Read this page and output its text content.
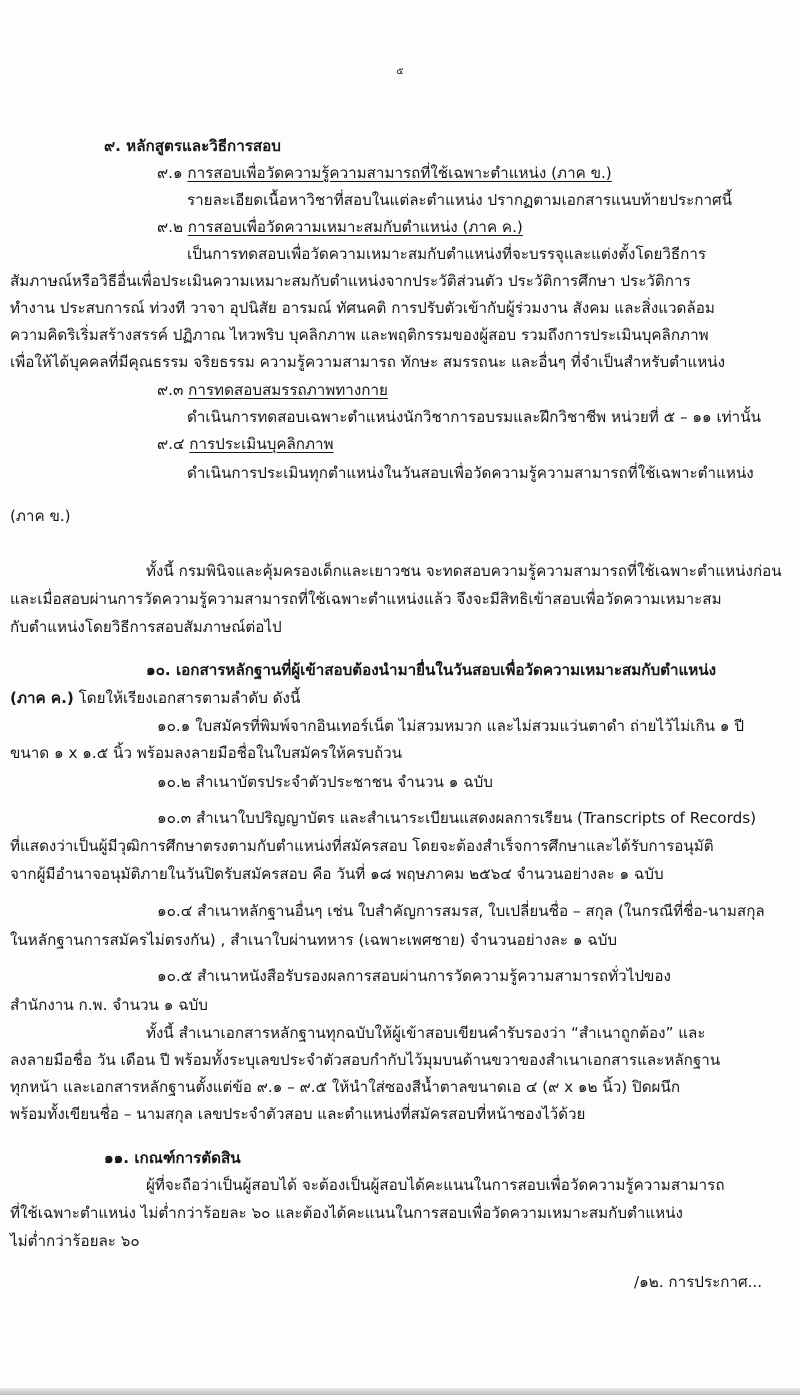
๕
๙. หลักสูตรและวิธีการสอบ
๙.๑ การสอบเพื่อวัดความรู้ความสามารถที่ใช้เฉพาะตำแหน่ง (ภาค ข.)
รายละเอียดเนื้อหาวิชาที่สอบในแต่ละตำแหน่ง ปรากฏตามเอกสารแนบท้ายประกาศนี้
๙.๒ การสอบเพื่อวัดความเหมาะสมกับตำแหน่ง (ภาค ค.)
เป็นการทดสอบเพื่อวัดความเหมาะสมกับตำแหน่งที่จะบรรจุและแต่งตั้งโดยวิธีการ
สัมภาษณ์หรือวิธีอื่นเพื่อประเมินความเหมาะสมกับตำแหน่งจากประวัติส่วนตัว ประวัติการศึกษา ประวัติการ
ทำงาน ประสบการณ์ ท่วงที วาจา อุปนิสัย อารมณ์ ทัศนคติ การปรับตัวเข้ากับผู้ร่วมงาน สังคม และสิ่งแวดล้อม
ความคิดริเริ่มสร้างสรรค์ ปฏิภาณ ไหวพริบ บุคลิกภาพ และพฤติกรรมของผู้สอบ รวมถึงการประเมินบุคลิกภาพ
เพื่อให้ได้บุคคลที่มีคุณธรรม จริยธรรม ความรู้ความสามารถ ทักษะ สมรรถนะ และอื่นๆ ที่จำเป็นสำหรับตำแหน่ง
๙.๓ การทดสอบสมรรถภาพทางกาย
ดำเนินการทดสอบเฉพาะตำแหน่งนักวิชาการอบรมและฝึกวิชาชีพ หน่วยที่ ๕ – ๑๑ เท่านั้น
๙.๔ การประเมินบุคลิกภาพ
ดำเนินการประเมินทุกตำแหน่งในวันสอบเพื่อวัดความรู้ความสามารถที่ใช้เฉพาะตำแหน่ง
(ภาค ข.)
ทั้งนี้ กรมพินิจและคุ้มครองเด็กและเยาวชน จะทดสอบความรู้ความสามารถที่ใช้เฉพาะตำแหน่งก่อน
และเมื่อสอบผ่านการวัดความรู้ความสามารถที่ใช้เฉพาะตำแหน่งแล้ว จึงจะมีสิทธิเข้าสอบเพื่อวัดความเหมาะสม
กับตำแหน่งโดยวิธีการสอบสัมภาษณ์ต่อไป
๑๐. เอกสารหลักฐานที่ผู้เข้าสอบต้องนำมายื่นในวันสอบเพื่อวัดความเหมาะสมกับตำแหน่ง
(ภาค ค.) โดยให้เรียงเอกสารตามลำดับ ดังนี้
๑๐.๑ ใบสมัครที่พิมพ์จากอินเทอร์เน็ต ไม่สวมหมวก และไม่สวมแว่นตาดำ ถ่ายไว้ไม่เกิน ๑ ปี
ขนาด ๑ x ๑.๕ นิ้ว พร้อมลงลายมือชื่อในใบสมัครให้ครบถ้วน
๑๐.๒ สำเนาบัตรประจำตัวประชาชน จำนวน ๑ ฉบับ
๑๐.๓ สำเนาใบปริญญาบัตร และสำเนาระเบียนแสดงผลการเรียน (Transcripts of Records)
ที่แสดงว่าเป็นผู้มีวุฒิการศึกษาตรงตามกับตำแหน่งที่สมัครสอบ โดยจะต้องสำเร็จการศึกษาและได้รับการอนุมัติ
จากผู้มีอำนาจอนุมัติภายในวันปิดรับสมัครสอบ คือ วันที่ ๑๘ พฤษภาคม ๒๕๖๔ จำนวนอย่างละ ๑ ฉบับ
๑๐.๔ สำเนาหลักฐานอื่นๆ เช่น ใบสำคัญการสมรส, ใบเปลี่ยนชื่อ – สกุล (ในกรณีที่ชื่อ-นามสกุล
ในหลักฐานการสมัครไม่ตรงกัน) , สำเนาใบผ่านทหาร (เฉพาะเพศชาย) จำนวนอย่างละ ๑ ฉบับ
๑๐.๕ สำเนาหนังสือรับรองผลการสอบผ่านการวัดความรู้ความสามารถทั่วไปของ
สำนักงาน ก.พ. จำนวน ๑ ฉบับ
ทั้งนี้ สำเนาเอกสารหลักฐานทุกฉบับให้ผู้เข้าสอบเขียนคำรับรองว่า “สำเนาถูกต้อง” และ
ลงลายมือชื่อ วัน เดือน ปี พร้อมทั้งระบุเลขประจำตัวสอบกำกับไว้มุมบนด้านขวาของสำเนาเอกสารและหลักฐาน
ทุกหน้า และเอกสารหลักฐานตั้งแต่ข้อ ๙.๑ – ๙.๕ ให้นำใส่ซองสีน้ำตาลขนาดเอ ๔ (๙ x ๑๒ นิ้ว) ปิดผนึก
พร้อมทั้งเขียนชื่อ – นามสกุล เลขประจำตัวสอบ และตำแหน่งที่สมัครสอบที่หน้าซองไว้ด้วย
๑๑. เกณฑ์การตัดสิน
ผู้ที่จะถือว่าเป็นผู้สอบได้ จะต้องเป็นผู้สอบได้คะแนนในการสอบเพื่อวัดความรู้ความสามารถ
ที่ใช้เฉพาะตำแหน่ง ไม่ต่ำกว่าร้อยละ ๖๐ และต้องได้คะแนนในการสอบเพื่อวัดความเหมาะสมกับตำแหน่ง
ไม่ต่ำกว่าร้อยละ ๖๐
/๑๒. การประกาศ...
